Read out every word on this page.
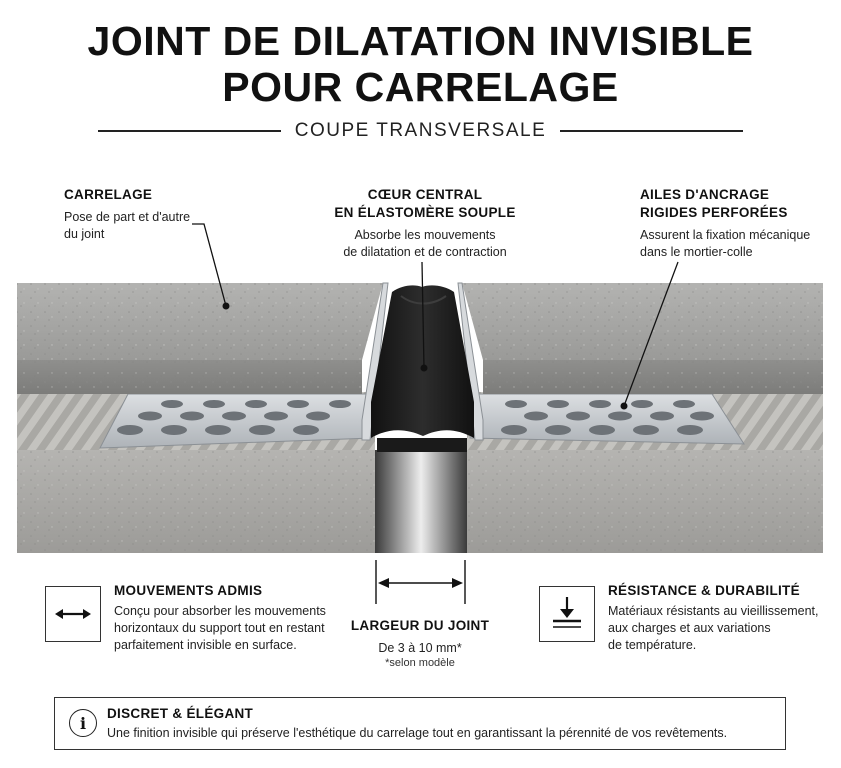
JOINT DE DILATATION INVISIBLE
POUR CARRELAGE
COUPE TRANSVERSALE
CARRELAGE
Pose de part et d'autre
du joint
CŒUR CENTRAL
EN ÉLASTOMÈRE SOUPLE
Absorbe les mouvements
de dilatation et de contraction
AILES D'ANCRAGE
RIGIDES PERFORÉES
Assurent la fixation mécanique
dans le mortier-colle
MOUVEMENTS ADMIS
Conçu pour absorber les mouvements
horizontaux du support tout en restant
parfaitement invisible en surface.
LARGEUR DU JOINT
De 3 à 10 mm*
*selon modèle
RÉSISTANCE & DURABILITÉ
Matériaux résistants au vieillissement,
aux charges et aux variations
de température.
i	DISCRET & ÉLÉGANT
Une finition invisible qui préserve l'esthétique du carrelage tout en garantissant la pérennité de vos revêtements.
